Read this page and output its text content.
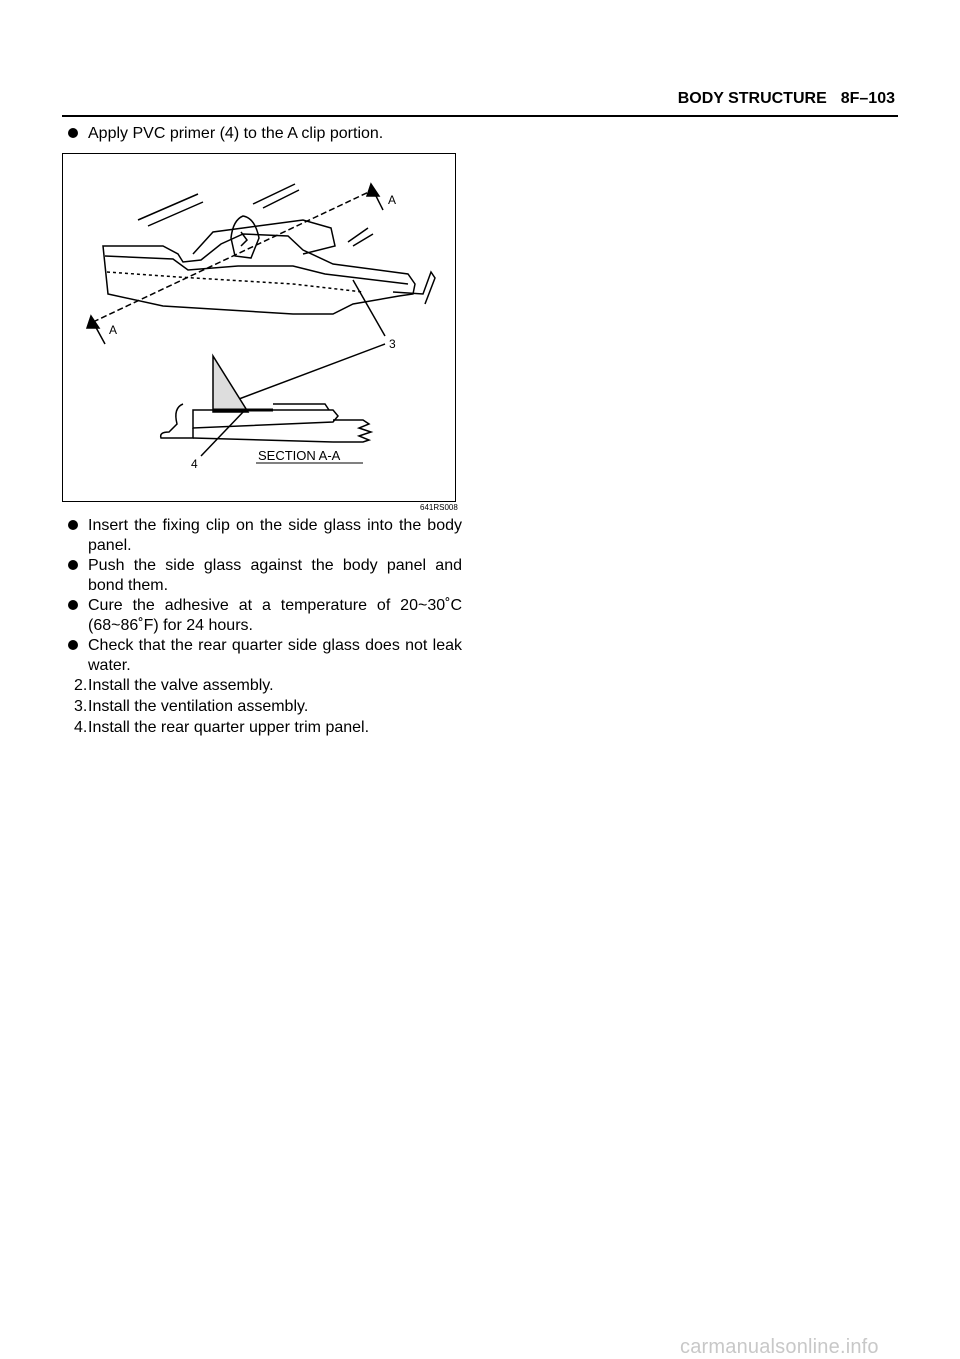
BODY STRUCTURE 8F–103
Apply PVC primer (4) to the A clip portion.
A
A
3
4
SECTION A-A
641RS008
Insert the fixing clip on the side glass into the body panel.
Push the side glass against the body panel and bond them.
Cure the adhesive at a temperature of 20~30˚C (68~86˚F) for 24 hours.
Check that the rear quarter side glass does not leak water.
2. Install the valve assembly.
3. Install the ventilation assembly.
4. Install the rear quarter upper trim panel.
carmanualsonline.info
